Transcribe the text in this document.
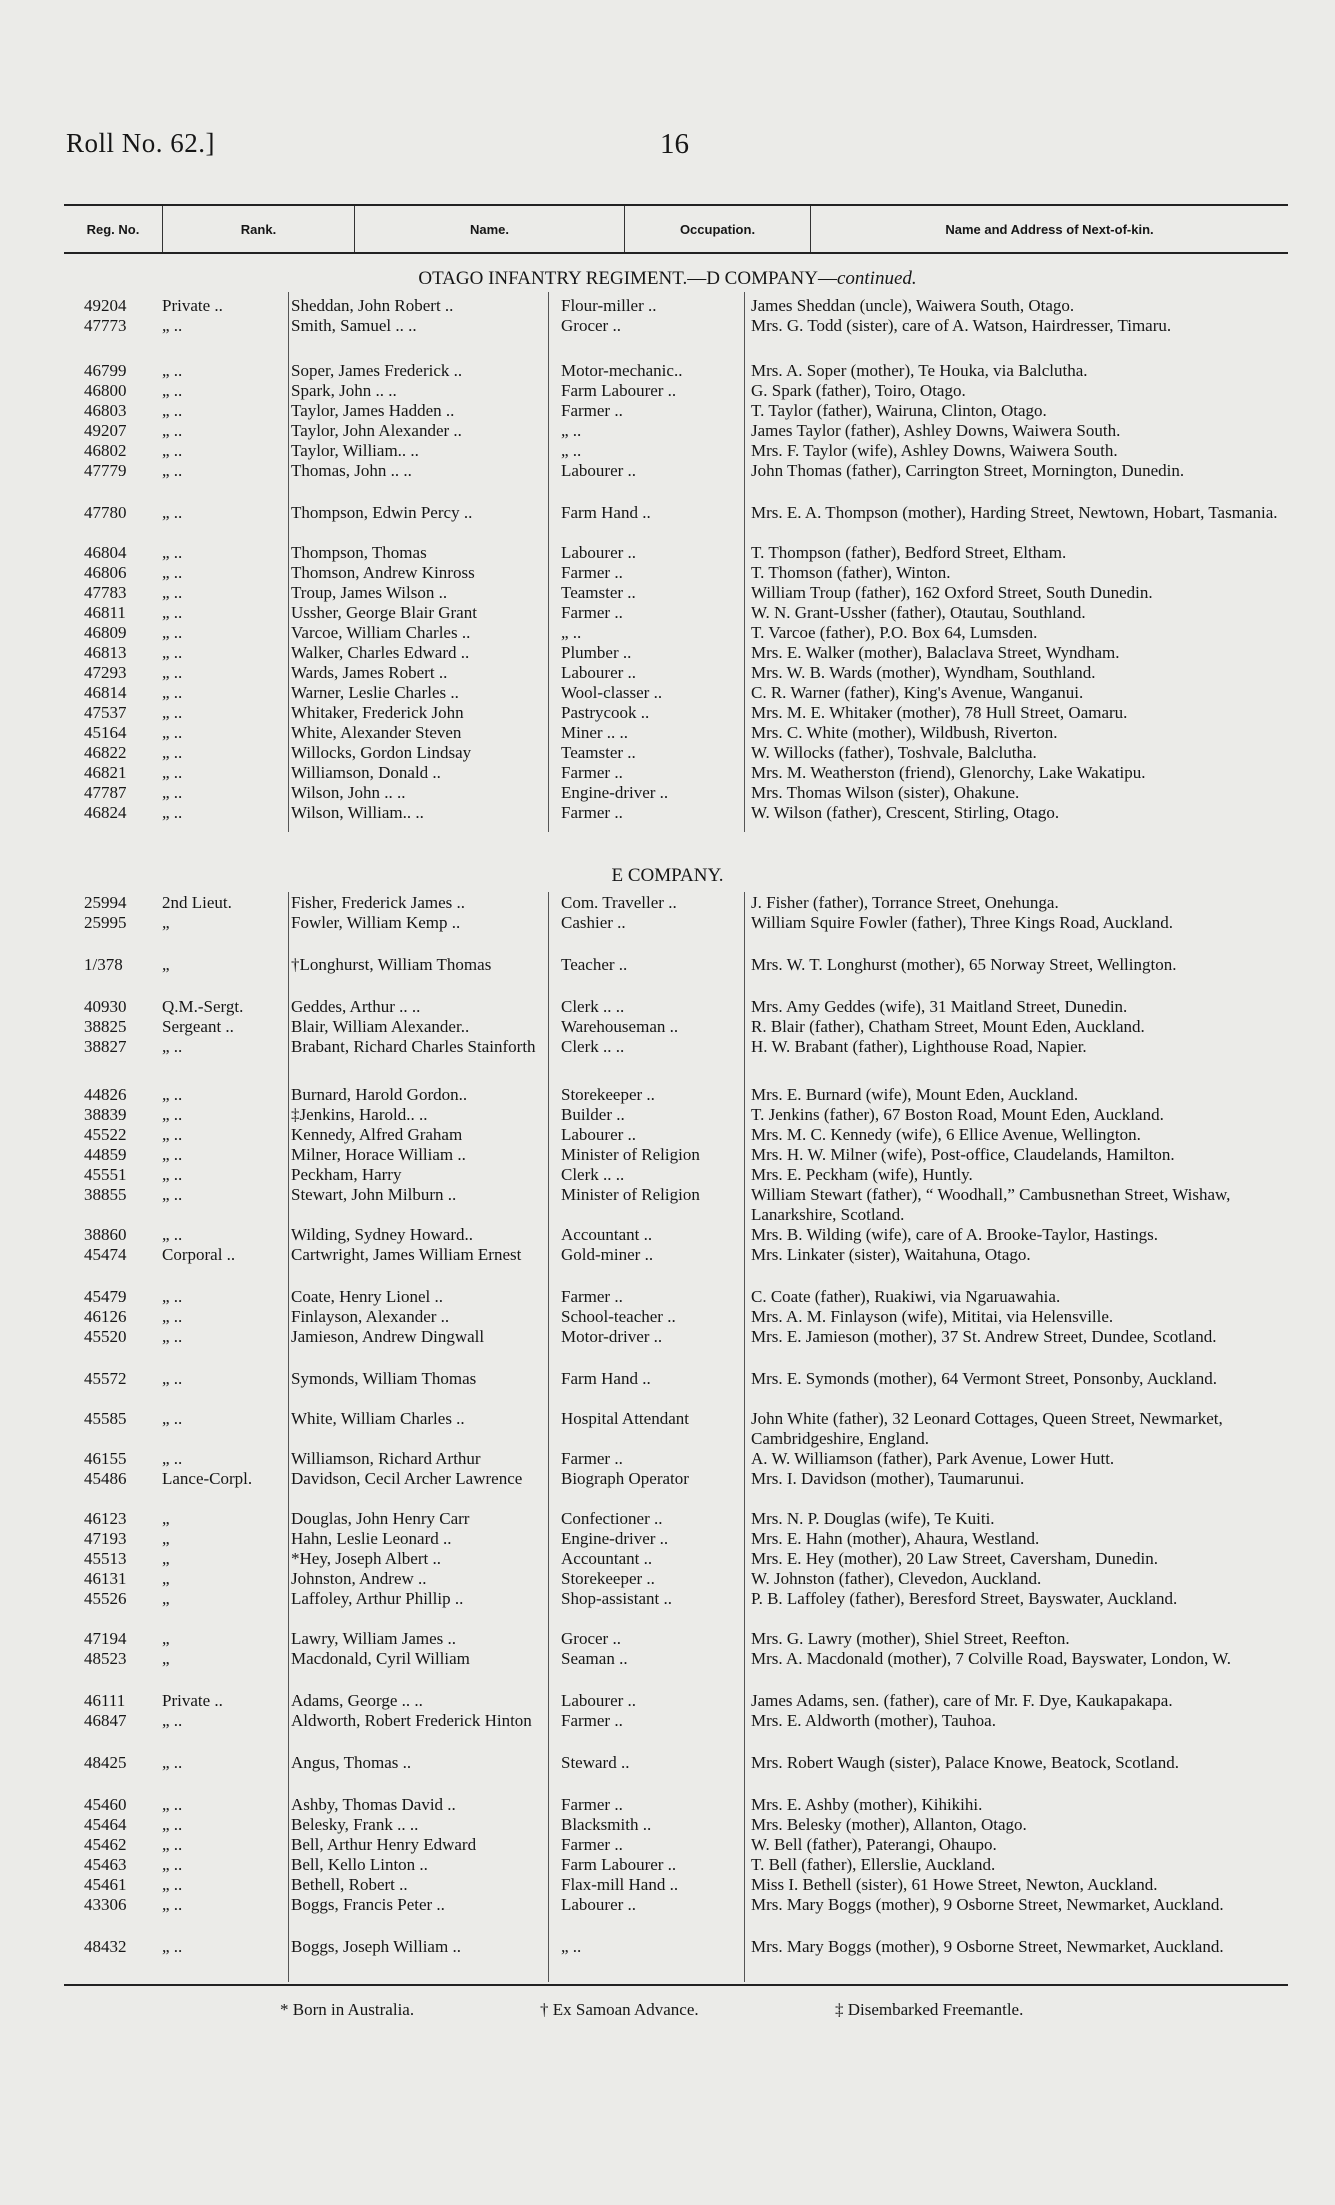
Roll No. 62.]	16
Reg. No.	Rank.	Name.	Occupation.	Name and Address of Next-of-kin.
OTAGO INFANTRY REGIMENT.—D COMPANY—continued.
49204	Private ..	Sheddan, John Robert ..	Flour-miller ..	James Sheddan (uncle), Waiwera South, Otago.
47773	„ ..	Smith, Samuel .. ..	Grocer ..	Mrs. G. Todd (sister), care of A. Watson, Hairdresser, Timaru.
46799	„ ..	Soper, James Frederick ..	Motor-mechanic..	Mrs. A. Soper (mother), Te Houka, via Balclutha.
46800	„ ..	Spark, John .. ..	Farm Labourer ..	G. Spark (father), Toiro, Otago.
46803	„ ..	Taylor, James Hadden ..	Farmer ..	T. Taylor (father), Wairuna, Clinton, Otago.
49207	„ ..	Taylor, John Alexander ..	„ ..	James Taylor (father), Ashley Downs, Waiwera South.
46802	„ ..	Taylor, William.. ..	„ ..	Mrs. F. Taylor (wife), Ashley Downs, Waiwera South.
47779	„ ..	Thomas, John .. ..	Labourer ..	John Thomas (father), Carrington Street, Mornington, Dunedin.
47780	„ ..	Thompson, Edwin Percy ..	Farm Hand ..	Mrs. E. A. Thompson (mother), Harding Street, Newtown, Hobart, Tasmania.
46804	„ ..	Thompson, Thomas	Labourer ..	T. Thompson (father), Bedford Street, Eltham.
46806	„ ..	Thomson, Andrew Kinross	Farmer ..	T. Thomson (father), Winton.
47783	„ ..	Troup, James Wilson ..	Teamster ..	William Troup (father), 162 Oxford Street, South Dunedin.
46811	„ ..	Ussher, George Blair Grant	Farmer ..	W. N. Grant-Ussher (father), Otautau, Southland.
46809	„ ..	Varcoe, William Charles ..	„ ..	T. Varcoe (father), P.O. Box 64, Lumsden.
46813	„ ..	Walker, Charles Edward ..	Plumber ..	Mrs. E. Walker (mother), Balaclava Street, Wyndham.
47293	„ ..	Wards, James Robert ..	Labourer ..	Mrs. W. B. Wards (mother), Wyndham, Southland.
46814	„ ..	Warner, Leslie Charles ..	Wool-classer ..	C. R. Warner (father), King's Avenue, Wanganui.
47537	„ ..	Whitaker, Frederick John	Pastrycook ..	Mrs. M. E. Whitaker (mother), 78 Hull Street, Oamaru.
45164	„ ..	White, Alexander Steven	Miner .. ..	Mrs. C. White (mother), Wildbush, Riverton.
46822	„ ..	Willocks, Gordon Lindsay	Teamster ..	W. Willocks (father), Toshvale, Balclutha.
46821	„ ..	Williamson, Donald ..	Farmer ..	Mrs. M. Weatherston (friend), Glenorchy, Lake Wakatipu.
47787	„ ..	Wilson, John .. ..	Engine-driver ..	Mrs. Thomas Wilson (sister), Ohakune.
46824	„ ..	Wilson, William.. ..	Farmer ..	W. Wilson (father), Crescent, Stirling, Otago.
E COMPANY.
25994	2nd Lieut.	Fisher, Frederick James ..	Com. Traveller ..	J. Fisher (father), Torrance Street, Onehunga.
25995	„	Fowler, William Kemp ..	Cashier ..	William Squire Fowler (father), Three Kings Road, Auckland.
1/378	„	†Longhurst, William Thomas	Teacher ..	Mrs. W. T. Longhurst (mother), 65 Norway Street, Wellington.
40930	Q.M.-Sergt.	Geddes, Arthur .. ..	Clerk .. ..	Mrs. Amy Geddes (wife), 31 Maitland Street, Dunedin.
38825	Sergeant ..	Blair, William Alexander..	Warehouseman ..	R. Blair (father), Chatham Street, Mount Eden, Auckland.
38827	„ ..	Brabant, Richard Charles Stainforth	Clerk .. ..	H. W. Brabant (father), Lighthouse Road, Napier.
44826	„ ..	Burnard, Harold Gordon..	Storekeeper ..	Mrs. E. Burnard (wife), Mount Eden, Auckland.
38839	„ ..	‡Jenkins, Harold.. ..	Builder ..	T. Jenkins (father), 67 Boston Road, Mount Eden, Auckland.
45522	„ ..	Kennedy, Alfred Graham	Labourer ..	Mrs. M. C. Kennedy (wife), 6 Ellice Avenue, Wellington.
44859	„ ..	Milner, Horace William ..	Minister of Religion	Mrs. H. W. Milner (wife), Post-office, Claudelands, Hamilton.
45551	„ ..	Peckham, Harry	Clerk .. ..	Mrs. E. Peckham (wife), Huntly.
38855	„ ..	Stewart, John Milburn ..	Minister of Religion	William Stewart (father), “ Woodhall,” Cambusnethan Street, Wishaw, Lanarkshire, Scotland.
38860	„ ..	Wilding, Sydney Howard..	Accountant ..	Mrs. B. Wilding (wife), care of A. Brooke-Taylor, Hastings.
45474	Corporal ..	Cartwright, James William Ernest	Gold-miner ..	Mrs. Linkater (sister), Waitahuna, Otago.
45479	„ ..	Coate, Henry Lionel ..	Farmer ..	C. Coate (father), Ruakiwi, via Ngaruawahia.
46126	„ ..	Finlayson, Alexander ..	School-teacher ..	Mrs. A. M. Finlayson (wife), Mititai, via Helensville.
45520	„ ..	Jamieson, Andrew Dingwall	Motor-driver ..	Mrs. E. Jamieson (mother), 37 St. Andrew Street, Dundee, Scotland.
45572	„ ..	Symonds, William Thomas	Farm Hand ..	Mrs. E. Symonds (mother), 64 Vermont Street, Ponsonby, Auckland.
45585	„ ..	White, William Charles ..	Hospital Attendant	John White (father), 32 Leonard Cottages, Queen Street, Newmarket, Cambridgeshire, England.
46155	„ ..	Williamson, Richard Arthur	Farmer ..	A. W. Williamson (father), Park Avenue, Lower Hutt.
45486	Lance-Corpl.	Davidson, Cecil Archer Lawrence	Biograph Operator	Mrs. I. Davidson (mother), Taumarunui.
46123	„	Douglas, John Henry Carr	Confectioner ..	Mrs. N. P. Douglas (wife), Te Kuiti.
47193	„	Hahn, Leslie Leonard ..	Engine-driver ..	Mrs. E. Hahn (mother), Ahaura, Westland.
45513	„	*Hey, Joseph Albert ..	Accountant ..	Mrs. E. Hey (mother), 20 Law Street, Caversham, Dunedin.
46131	„	Johnston, Andrew ..	Storekeeper ..	W. Johnston (father), Clevedon, Auckland.
45526	„	Laffoley, Arthur Phillip ..	Shop-assistant ..	P. B. Laffoley (father), Beresford Street, Bayswater, Auckland.
47194	„	Lawry, William James ..	Grocer ..	Mrs. G. Lawry (mother), Shiel Street, Reefton.
48523	„	Macdonald, Cyril William	Seaman ..	Mrs. A. Macdonald (mother), 7 Colville Road, Bayswater, London, W.
46111	Private ..	Adams, George .. ..	Labourer ..	James Adams, sen. (father), care of Mr. F. Dye, Kaukapakapa.
46847	„ ..	Aldworth, Robert Frederick Hinton	Farmer ..	Mrs. E. Aldworth (mother), Tauhoa.
48425	„ ..	Angus, Thomas ..	Steward ..	Mrs. Robert Waugh (sister), Palace Knowe, Beatock, Scotland.
45460	„ ..	Ashby, Thomas David ..	Farmer ..	Mrs. E. Ashby (mother), Kihikihi.
45464	„ ..	Belesky, Frank .. ..	Blacksmith ..	Mrs. Belesky (mother), Allanton, Otago.
45462	„ ..	Bell, Arthur Henry Edward	Farmer ..	W. Bell (father), Paterangi, Ohaupo.
45463	„ ..	Bell, Kello Linton ..	Farm Labourer ..	T. Bell (father), Ellerslie, Auckland.
45461	„ ..	Bethell, Robert ..	Flax-mill Hand ..	Miss I. Bethell (sister), 61 Howe Street, Newton, Auckland.
43306	„ ..	Boggs, Francis Peter ..	Labourer ..	Mrs. Mary Boggs (mother), 9 Osborne Street, Newmarket, Auckland.
48432	„ ..	Boggs, Joseph William ..	„ ..	Mrs. Mary Boggs (mother), 9 Osborne Street, Newmarket, Auckland.
* Born in Australia.	† Ex Samoan Advance.	‡ Disembarked Freemantle.
